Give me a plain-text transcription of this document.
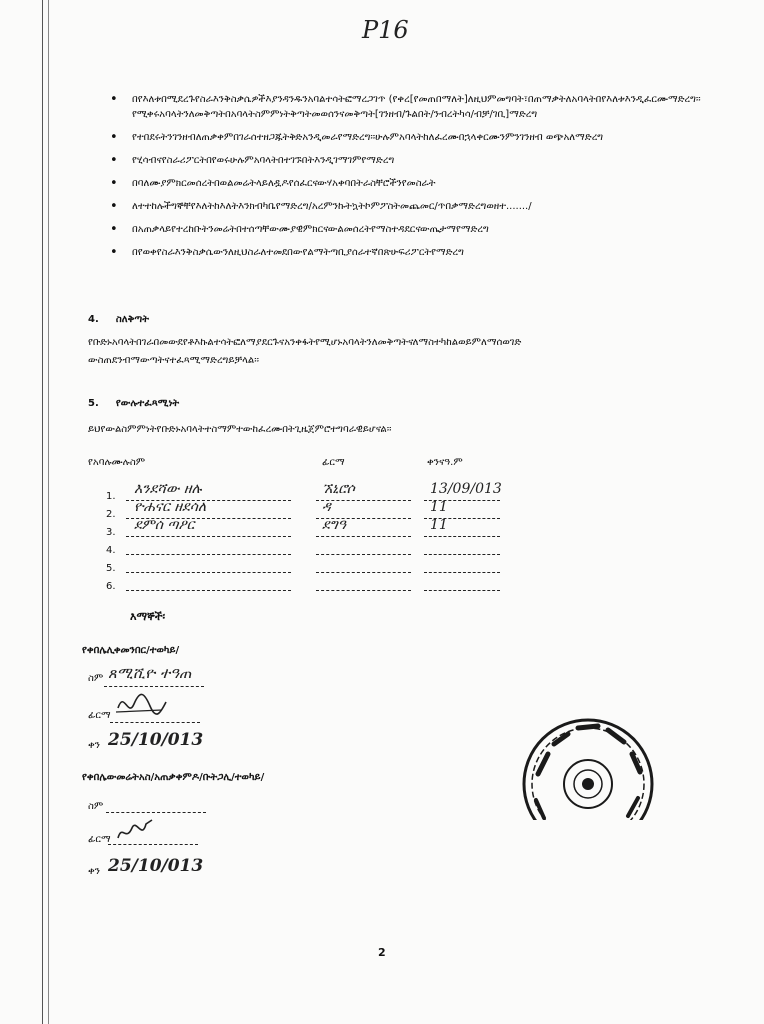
P16
• በየእለቱበሚደረጉየስራእንቅስቃሴዎችእያንዳንዱንአባልተሳትፎማረጋገጥ (የቀረ[የመጠበማለት]ለዚህምመግባት፣በጠማቃትለአባላትበየእለቱእንዲፈርሙማድረግ፡፡የሚቀሩአባላትንለመቅጣትበአባላትስምምነትቅጣትመወሰንናመቅጣት[ገንዘብ/ጉልበት/ንብረትካሳ/ብቻ/ገቢ]ማድረግ
• የተበደሩትንገንዘብለጠቃቀምበገራሰተዘጋጁትቅድአንዲመራየማድረግ፡፡ሁሉምአባላትከለፈረሙበኋላቀርሙንምንገንዘብ ወጭአለማድረግ
• የሂሳብናየስራሪፖርትበየወሩሁሉምአባላትበተገኙበትእንዲገማገምየማድረግ
• በባለሙያምክርመሰረትበወልመሬትላይለዷዶየሰፈርናውሃአቀባበትራስቸሮችንየመስራት
• ለተተከሉችግኞቸየእለትከእለትእንክብካቤየማድረግ/አረምንኩትኳትኮምፖስትመጨመር/ጥበቃማድረግወዘተ......./
• በአጠቃላይየተረከቡትንመሬትበተሰጣቸውሙያዊምክርናውልመሰረትየማስተዳደርናውጤታማየማድረግ
• በየወቀየስራእንቅስቃሴውንለዚህስራለተመደበውየልማትጣቢያሰራተኛበጽሁፍሪፖርትየማድረግ
4. ስለቅጣት
የቡድኑአባላትበገራበመውደየቶእኩልተሳትፎለማያደርጉናአንቀፋትየሚሆኑአባላትንለመቅጣትናለማስተካከልወይምለማሰወገድ
ውስጠደንብማውጣትናተፈጻሚማድረግይቻላል፡፡
5. የውሉተፈጻሚነት
ይህየውልስምምነትየቡድኑአባላትተስማምተውከፈረሙበትጊዜጀምሮተግባራዊይሆናል፡፡
የአባሉሙሉስም	ፊርማ	ቀንናዓ.ም
1.	እንደሻው ዘሉ	ኧኒሮሶ	13/09/013
2.	ዮሐናር ዘደሳለ	ዳ	11
3.	ደምሰ ጣዖር	ደግዓ	11
4.
5.
6.
እማኞች፡
የቀበሌሊቀመንበር/ተወካይ/
ስም ጸሚሺዮ ተዓጠ
ፊርማ
ቀን 25/10/013
የቀበሌውመሬትአስ/አጠቃቀምዶ/ቡትጋሊ/ተወካይ/
ስም
ፊርማ
ቀን 25/10/013
2
